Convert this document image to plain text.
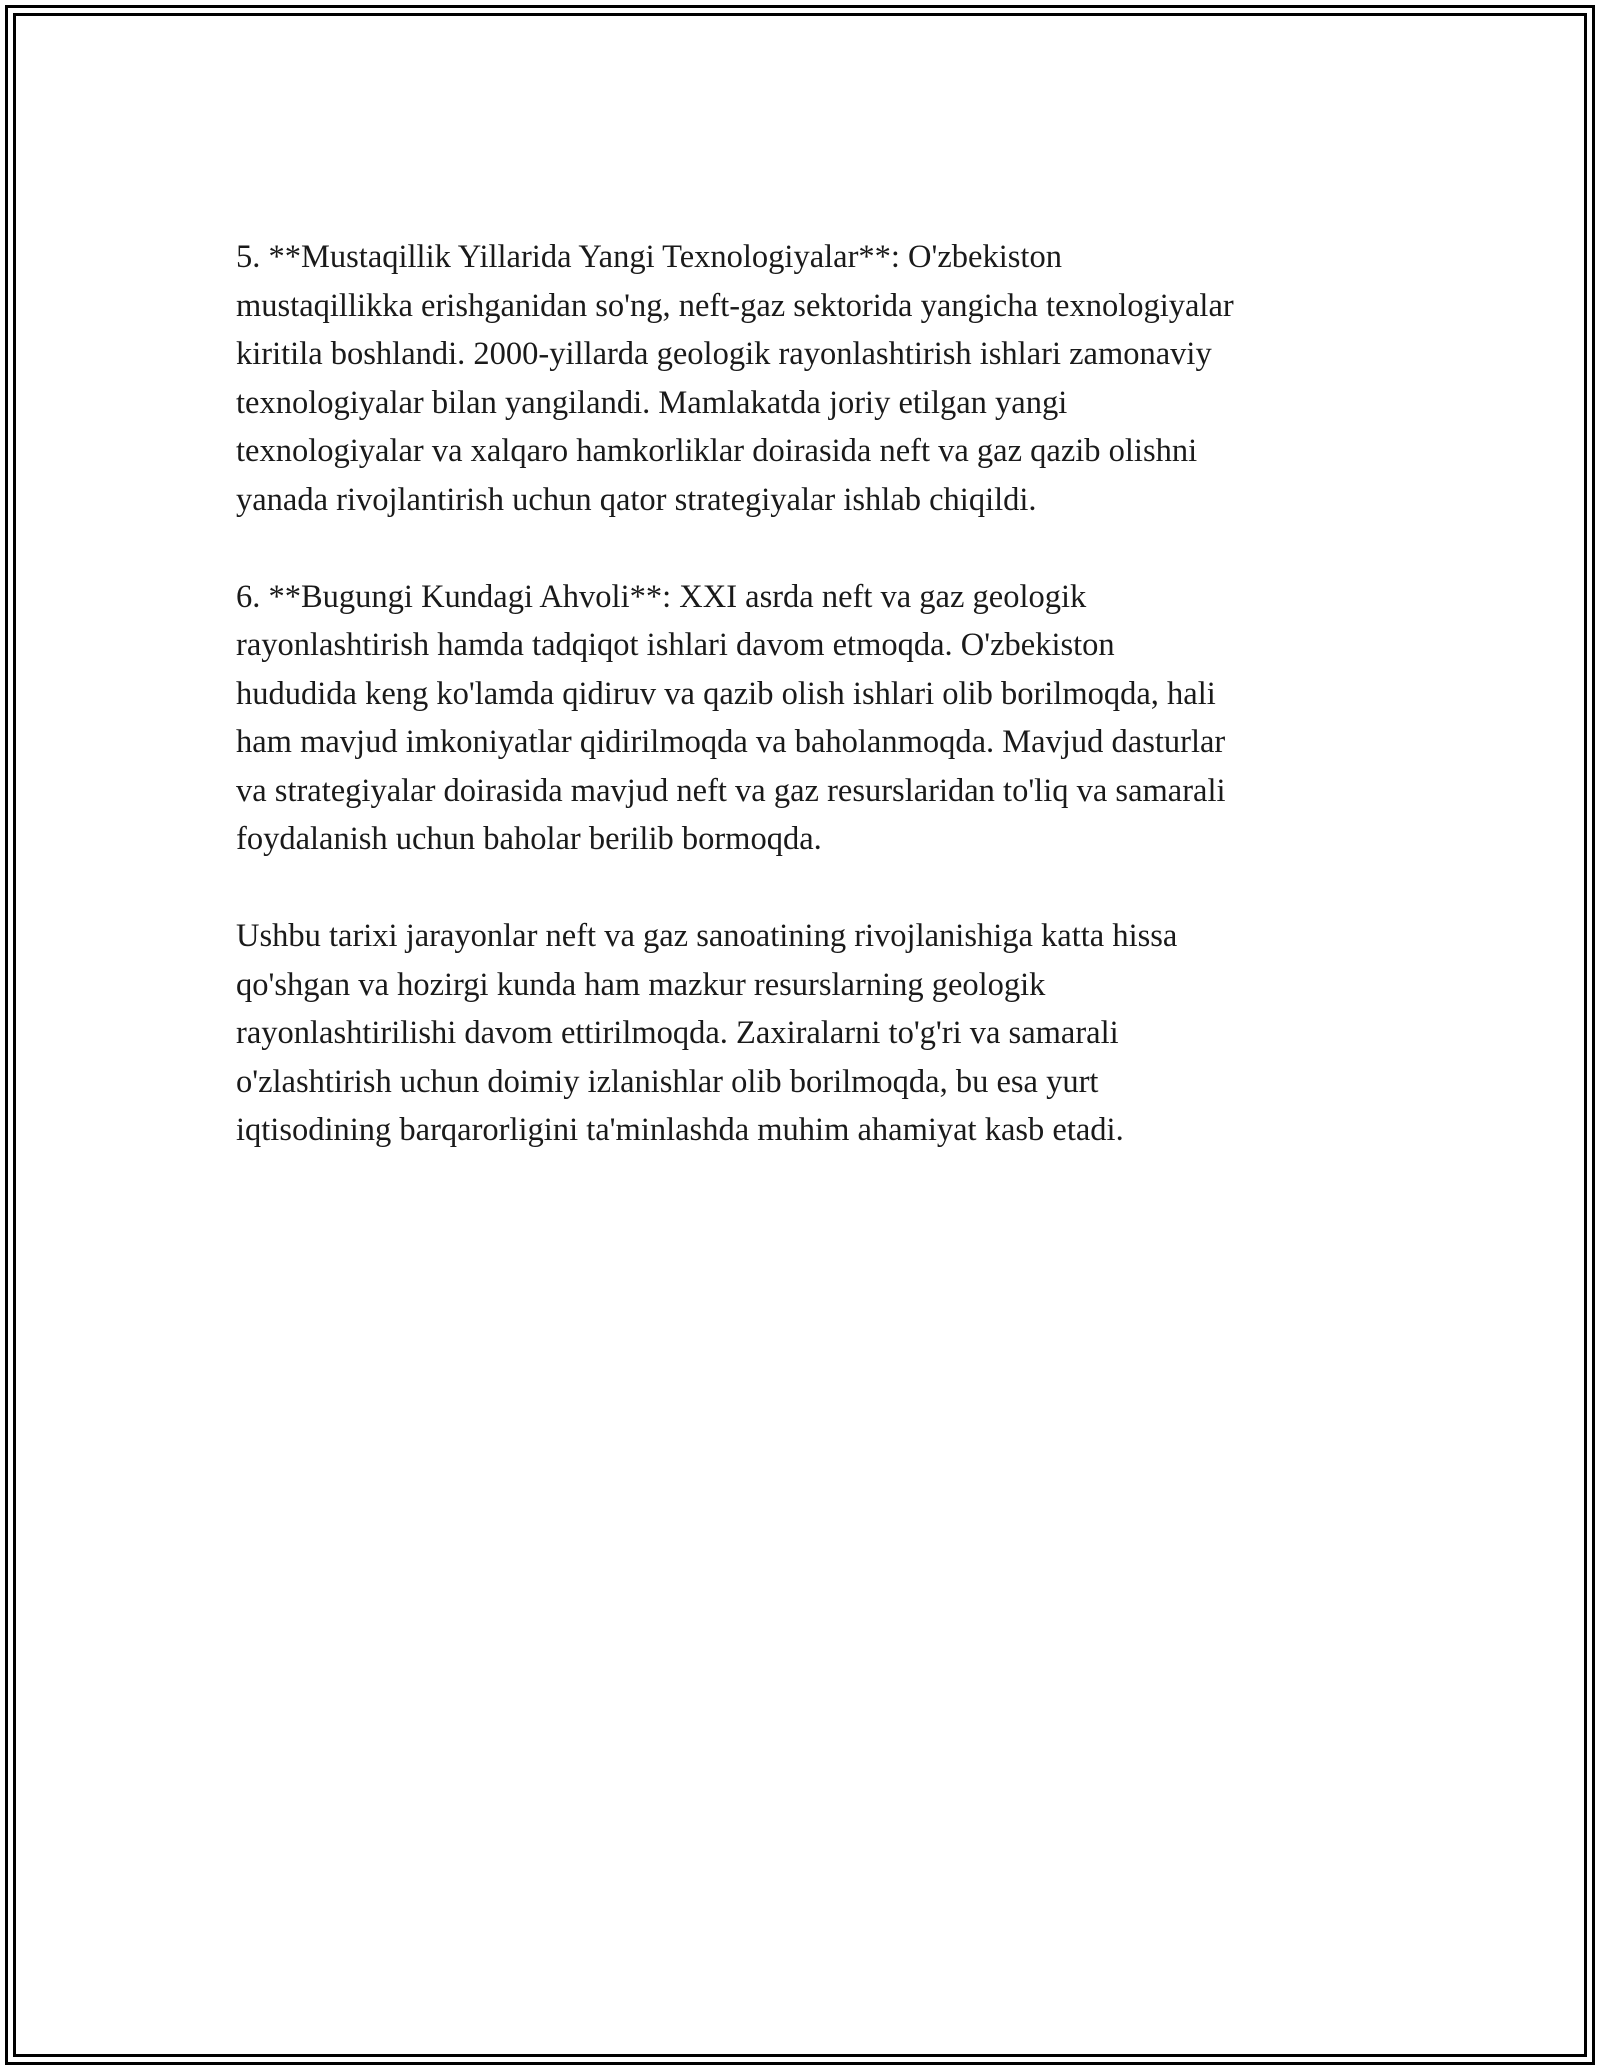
5. **Mustaqillik Yillarida Yangi Texnologiyalar**: O'zbekiston
mustaqillikka erishganidan so'ng, neft-gaz sektorida yangicha texnologiyalar
kiritila boshlandi. 2000-yillarda geologik rayonlashtirish ishlari zamonaviy
texnologiyalar bilan yangilandi. Mamlakatda joriy etilgan yangi
texnologiyalar va xalqaro hamkorliklar doirasida neft va gaz qazib olishni
yanada rivojlantirish uchun qator strategiyalar ishlab chiqildi.

6. **Bugungi Kundagi Ahvoli**: XXI asrda neft va gaz geologik
rayonlashtirish hamda tadqiqot ishlari davom etmoqda. O'zbekiston
hududida keng ko'lamda qidiruv va qazib olish ishlari olib borilmoqda, hali
ham mavjud imkoniyatlar qidirilmoqda va baholanmoqda. Mavjud dasturlar
va strategiyalar doirasida mavjud neft va gaz resurslaridan to'liq va samarali
foydalanish uchun baholar berilib bormoqda.

Ushbu tarixi jarayonlar neft va gaz sanoatining rivojlanishiga katta hissa
qo'shgan va hozirgi kunda ham mazkur resurslarning geologik
rayonlashtirilishi davom ettirilmoqda. Zaxiralarni to'g'ri va samarali
o'zlashtirish uchun doimiy izlanishlar olib borilmoqda, bu esa yurt
iqtisodining barqarorligini ta'minlashda muhim ahamiyat kasb etadi.
